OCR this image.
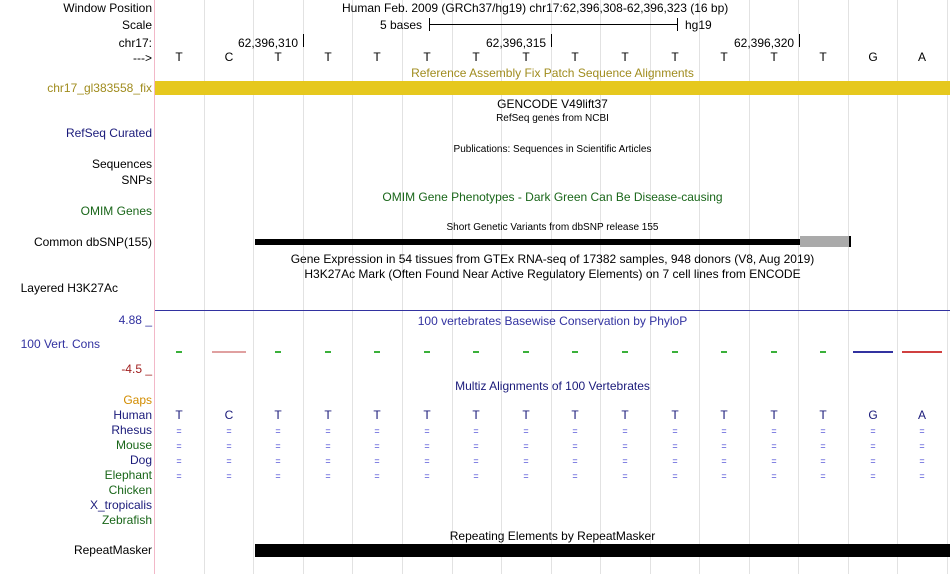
Window Position	Human Feb. 2009 (GRCh37/hg19) chr17:62,396,308-62,396,323 (16 bp)
Scale	5 bases	hg19
chr17:	62,396,310	62,396,315	62,396,320
--->	T	C	T	T	T	T	T	T	T	T	T	T	T	T	G	A
Reference Assembly Fix Patch Sequence Alignments
chr17_gl383558_fix
GENCODE V49lift37
RefSeq genes from NCBI
RefSeq Curated
Publications: Sequences in Scientific Articles
Sequences
SNPs
OMIM Gene Phenotypes - Dark Green Can Be Disease-causing
OMIM Genes
Short Genetic Variants from dbSNP release 155
Common dbSNP(155)
Gene Expression in 54 tissues from GTEx RNA-seq of 17382 samples, 948 donors (V8, Aug 2019)
H3K27Ac Mark (Often Found Near Active Regulatory Elements) on 7 cell lines from ENCODE
Layered H3K27Ac
4.88 _	100 vertebrates Basewise Conservation by PhyloP
100 Vert. Cons
-4.5 _
Multiz Alignments of 100 Vertebrates
Gaps
Human	T	C	T	T	T	T	T	T	T	T	T	T	T	T	G	A
Rhesus	=	=	=	=	=	=	=	=	=	=	=	=	=	=	=	=
Mouse	=	=	=	=	=	=	=	=	=	=	=	=	=	=	=	=
Dog	=	=	=	=	=	=	=	=	=	=	=	=	=	=	=	=
Elephant	=	=	=	=	=	=	=	=	=	=	=	=	=	=	=	=
Chicken
X_tropicalis
Zebrafish
Repeating Elements by RepeatMasker
RepeatMasker
